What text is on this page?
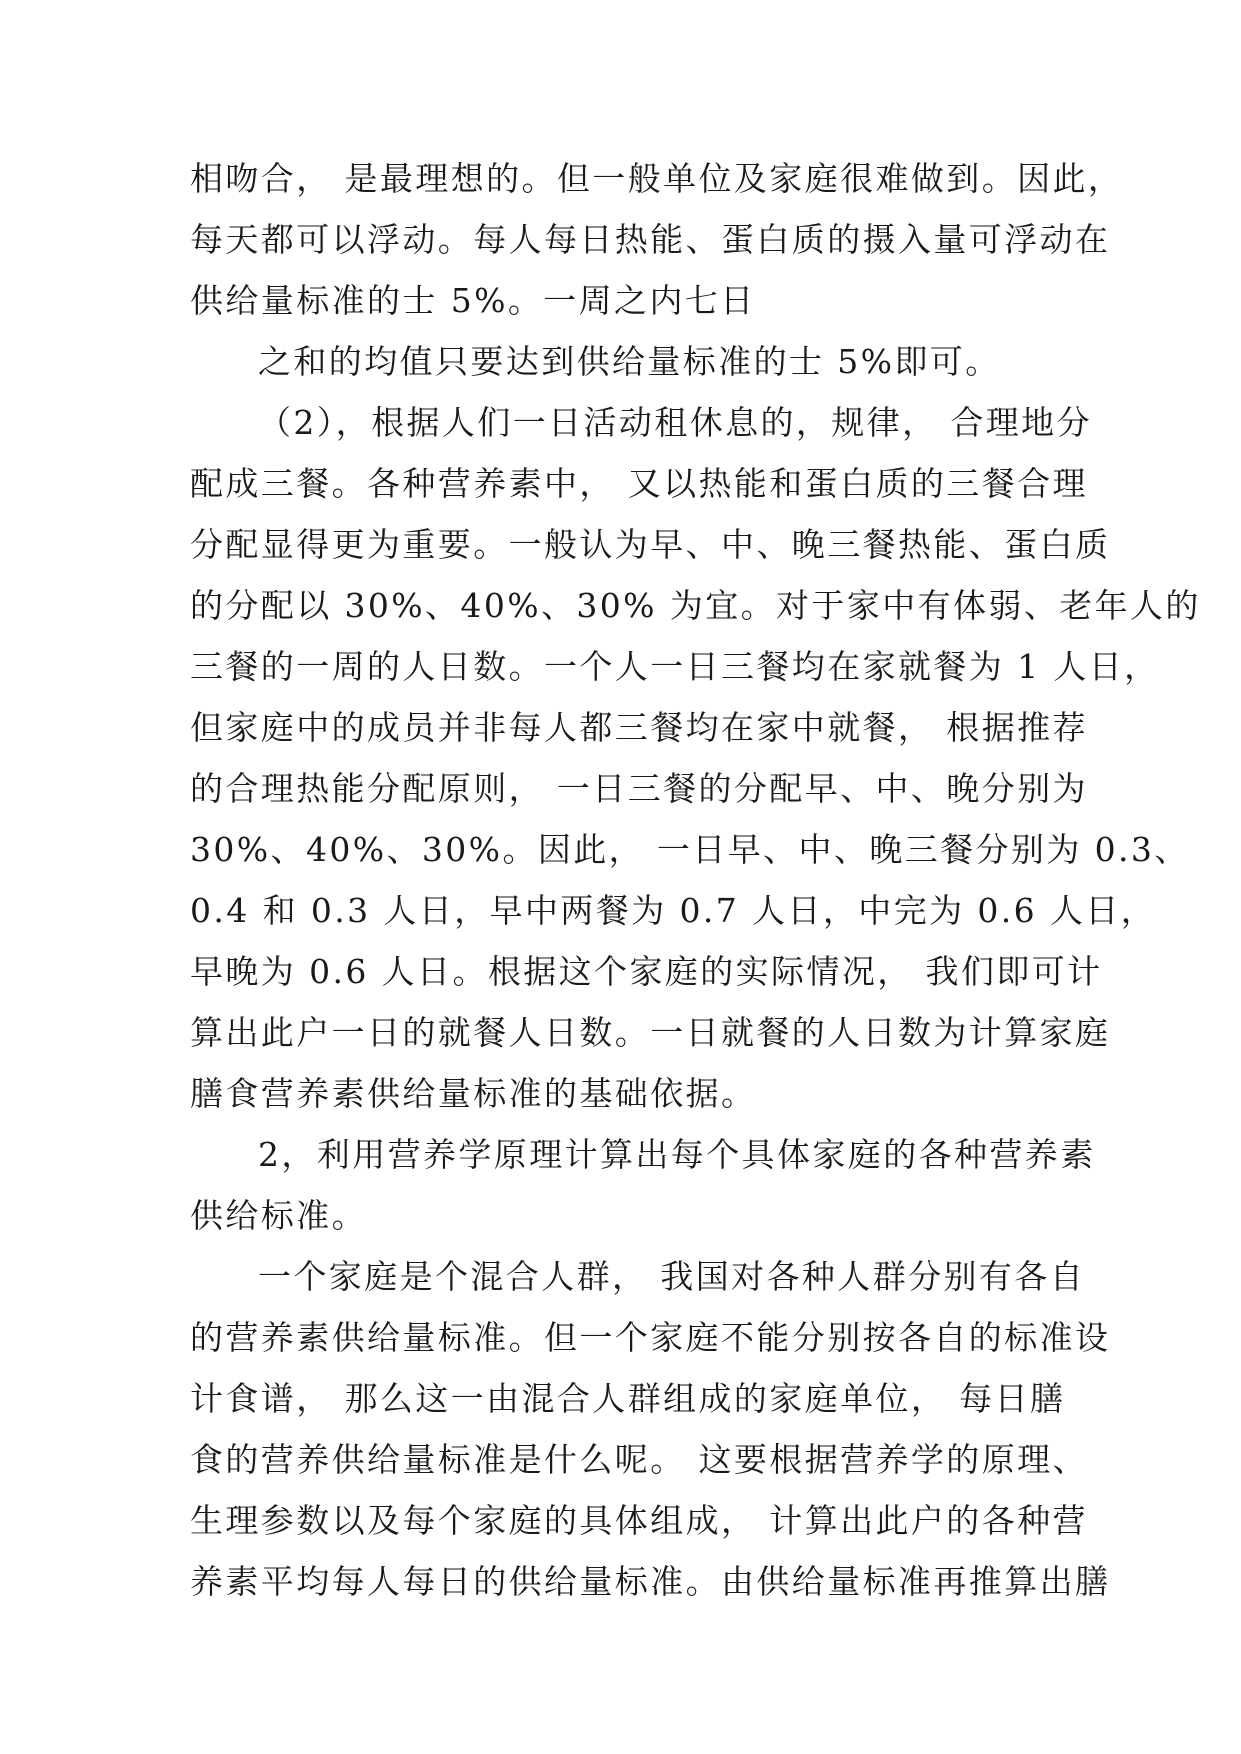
相吻合， 是最理想的。但一般单位及家庭很难做到。因此，
每天都可以浮动。每人每日热能、蛋白质的摄入量可浮动在
供给量标准的士 5%。一周之内七日
之和的均值只要达到供给量标准的士 5%即可。
（2），根据人们一日活动租休息的，规律， 合理地分
配成三餐。各种营养素中， 又以热能和蛋白质的三餐合理
分配显得更为重要。一般认为早、中、晚三餐热能、蛋白质
的分配以 30%、40%、30% 为宜。对于家中有体弱、老年人的
三餐的一周的人日数。一个人一日三餐均在家就餐为 1 人日，
但家庭中的成员并非每人都三餐均在家中就餐， 根据推荐
的合理热能分配原则， 一日三餐的分配早、中、晚分别为
30%、40%、30%。因此， 一日早、中、晚三餐分别为 0.3、
0.4 和 0.3 人日，早中两餐为 0.7 人日，中完为 0.6 人日，
早晚为 0.6 人日。根据这个家庭的实际情况， 我们即可计
算出此户一日的就餐人日数。一日就餐的人日数为计算家庭
膳食营养素供给量标准的基础依据。
2，利用营养学原理计算出每个具体家庭的各种营养素
供给标准。
一个家庭是个混合人群， 我国对各种人群分别有各自
的营养素供给量标准。但一个家庭不能分别按各自的标准设
计食谱， 那么这一由混合人群组成的家庭单位， 每日膳
食的营养供给量标准是什么呢。 这要根据营养学的原理、
生理参数以及每个家庭的具体组成， 计算出此户的各种营
养素平均每人每日的供给量标准。由供给量标准再推算出膳
